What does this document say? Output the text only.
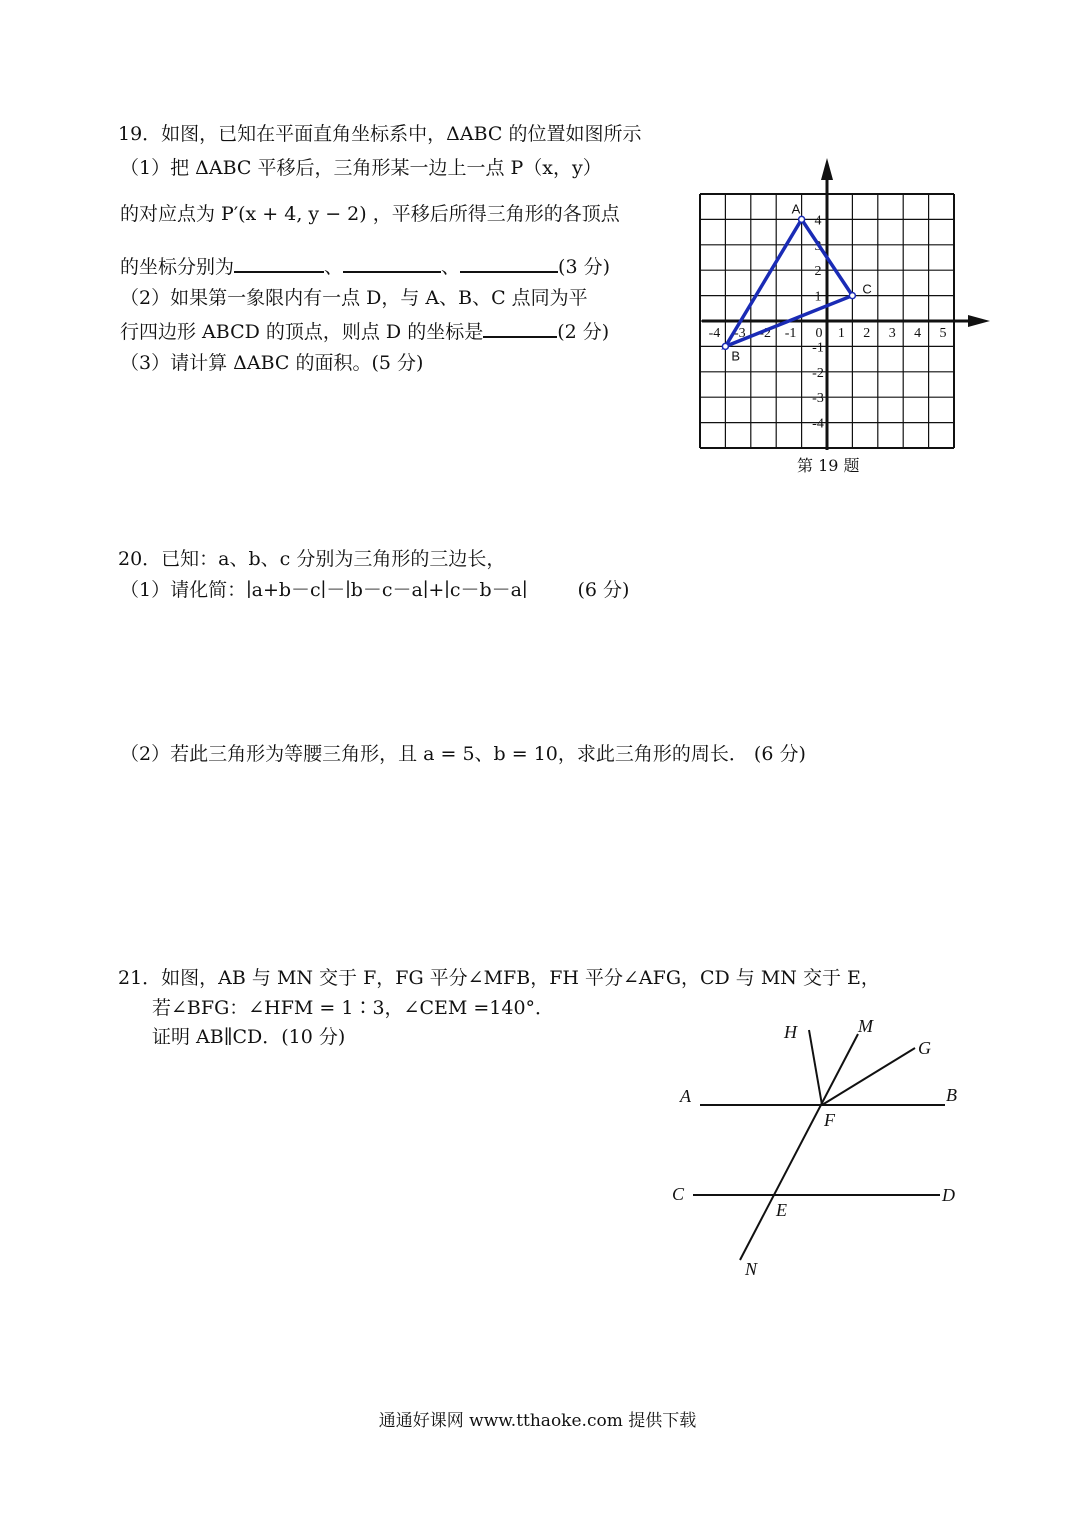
19．如图，已知在平面直角坐标系中，ΔABC 的位置如图所示
（1）把 ΔABC 平移后，三角形某一边上一点 P（x，y）
的对应点为 P′(x + 4, y − 2) ，平移后所得三角形的各顶点
的坐标分别为	、	、	(3 分)
（2）如果第一象限内有一点 D，与 A、B、C 点同为平
行四边形 ABCD 的顶点，则点 D 的坐标是	(2 分)
（3）请计算 ΔABC 的面积。(5 分)
-4 -3 -2 -1 0 1 2 3 4 5
4
3
2
1
-1
-2
-3
-4
A
B
C
第 19 题
20．已知：a、b、c 分别为三角形的三边长，
（1）请化简：∣a+b－c∣－∣b－c－a∣+∣c－b－a∣	(6 分)
（2）若此三角形为等腰三角形，且 a = 5、b = 10，求此三角形的周长． (6 分)
21．如图，AB 与 MN 交于 F，FG 平分∠MFB，FH 平分∠AFG，CD 与 MN 交于 E，
若∠BFG：∠HFM = 1∶3，∠CEM =140°．
证明 AB∥CD．(10 分)	H	M
G
A	B
F
C	D
E
N
通通好课网 www.tthaoke.com 提供下载
